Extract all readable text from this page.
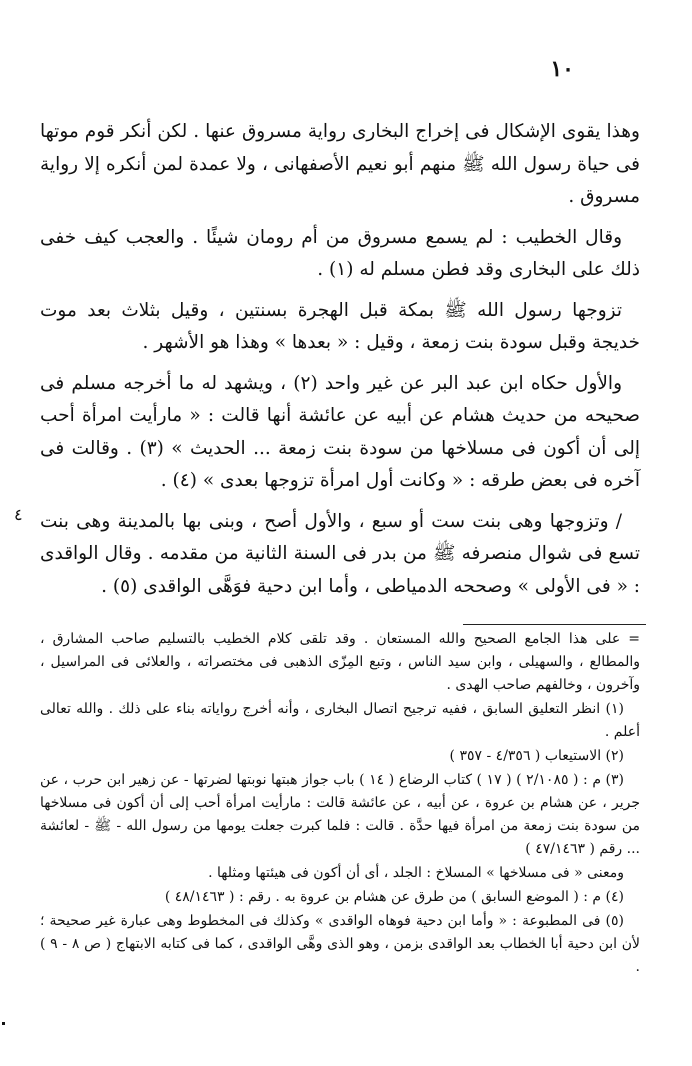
١٠

وهذا يقوى الإشكال فى إخراج البخارى رواية مسروق عنها . لكن أنكر قوم موتها فى حياة رسول الله ﷺ منهم أبو نعيم الأصفهانى ، ولا عمدة لمن أنكره إلا رواية مسروق .

وقال الخطيب : لم يسمع مسروق من أم رومان شيئًا . والعجب كيف خفى ذلك على البخارى وقد فطن مسلم له (١) .

تزوجها رسول الله ﷺ بمكة قبل الهجرة بسنتين ، وقيل بثلاث بعد موت خديجة وقبل سودة بنت زمعة ، وقيل : « بعدها » وهذا هو الأشهر .

والأول حكاه ابن عبد البر عن غير واحد (٢) ، ويشهد له ما أخرجه مسلم فى صحيحه من حديث هشام عن أبيه عن عائشة أنها قالت : « مارأيت امرأة أحب إلى أن أكون فى مسلاخها من سودة بنت زمعة ... الحديث » (٣) . وقالت فى آخره فى بعض طرقه : « وكانت أول امرأة تزوجها بعدى » (٤) .

/ وتزوجها وهى بنت ست أو سبع ، والأول أصح ، وبنى بها بالمدينة وهى بنت تسع فى شوال منصرفه ﷺ من بدر فى السنة الثانية من مقدمه . وقال الواقدى : « فى الأولى » وصححه الدمياطى ، وأما ابن دحية فوَهَّى الواقدى (٥) .

٤

= على هذا الجامع الصحيح والله المستعان . وقد تلقى كلام الخطيب بالتسليم صاحب المشارق ، والمطالع ، والسهيلى ، وابن سيد الناس ، وتبع المِزّى الذهبى فى مختصراته ، والعلائى فى المراسيل ، وآخرون ، وخالفهم صاحب الهدى .

(١) انظر التعليق السابق ، ففيه ترجيح اتصال البخارى ، وأنه أخرج رواياته بناء على ذلك . والله تعالى أعلم .

(٢) الاستيعاب ( ٤/٣٥٦ - ٣٥٧ )

(٣) م : ( ٢/١٠٨٥ ) ( ١٧ ) كتاب الرضاع ( ١٤ ) باب جواز هبتها نوبتها لضرتها - عن زهير ابن حرب ، عن جرير ، عن هشام بن عروة ، عن أبيه ، عن عائشة قالت : مارأيت امرأة أحب إلى أن أكون فى مسلاخها من سودة بنت زمعة من امرأة فيها حدَّة . قالت : فلما كبرت جعلت يومها من رسول الله - ﷺ - لعائشة ... رقم ( ٤٧/١٤٦٣ )

ومعنى « فى مسلاخها » المسلاخ : الجلد ، أى أن أكون فى هيئتها ومثلها .

(٤) م : ( الموضع السابق ) من طرق عن هشام بن عروة به . رقم : ( ٤٨/١٤٦٣ )

(٥) فى المطبوعة : « وأما ابن دحية فوهاه الواقدى » وكذلك فى المخطوط وهى عبارة غير صحيحة ؛ لأن ابن دحية أبا الخطاب بعد الواقدى بزمن ، وهو الذى وهَّى الواقدى ، كما فى كتابه الابتهاج ( ص ٨ - ٩ ) .
